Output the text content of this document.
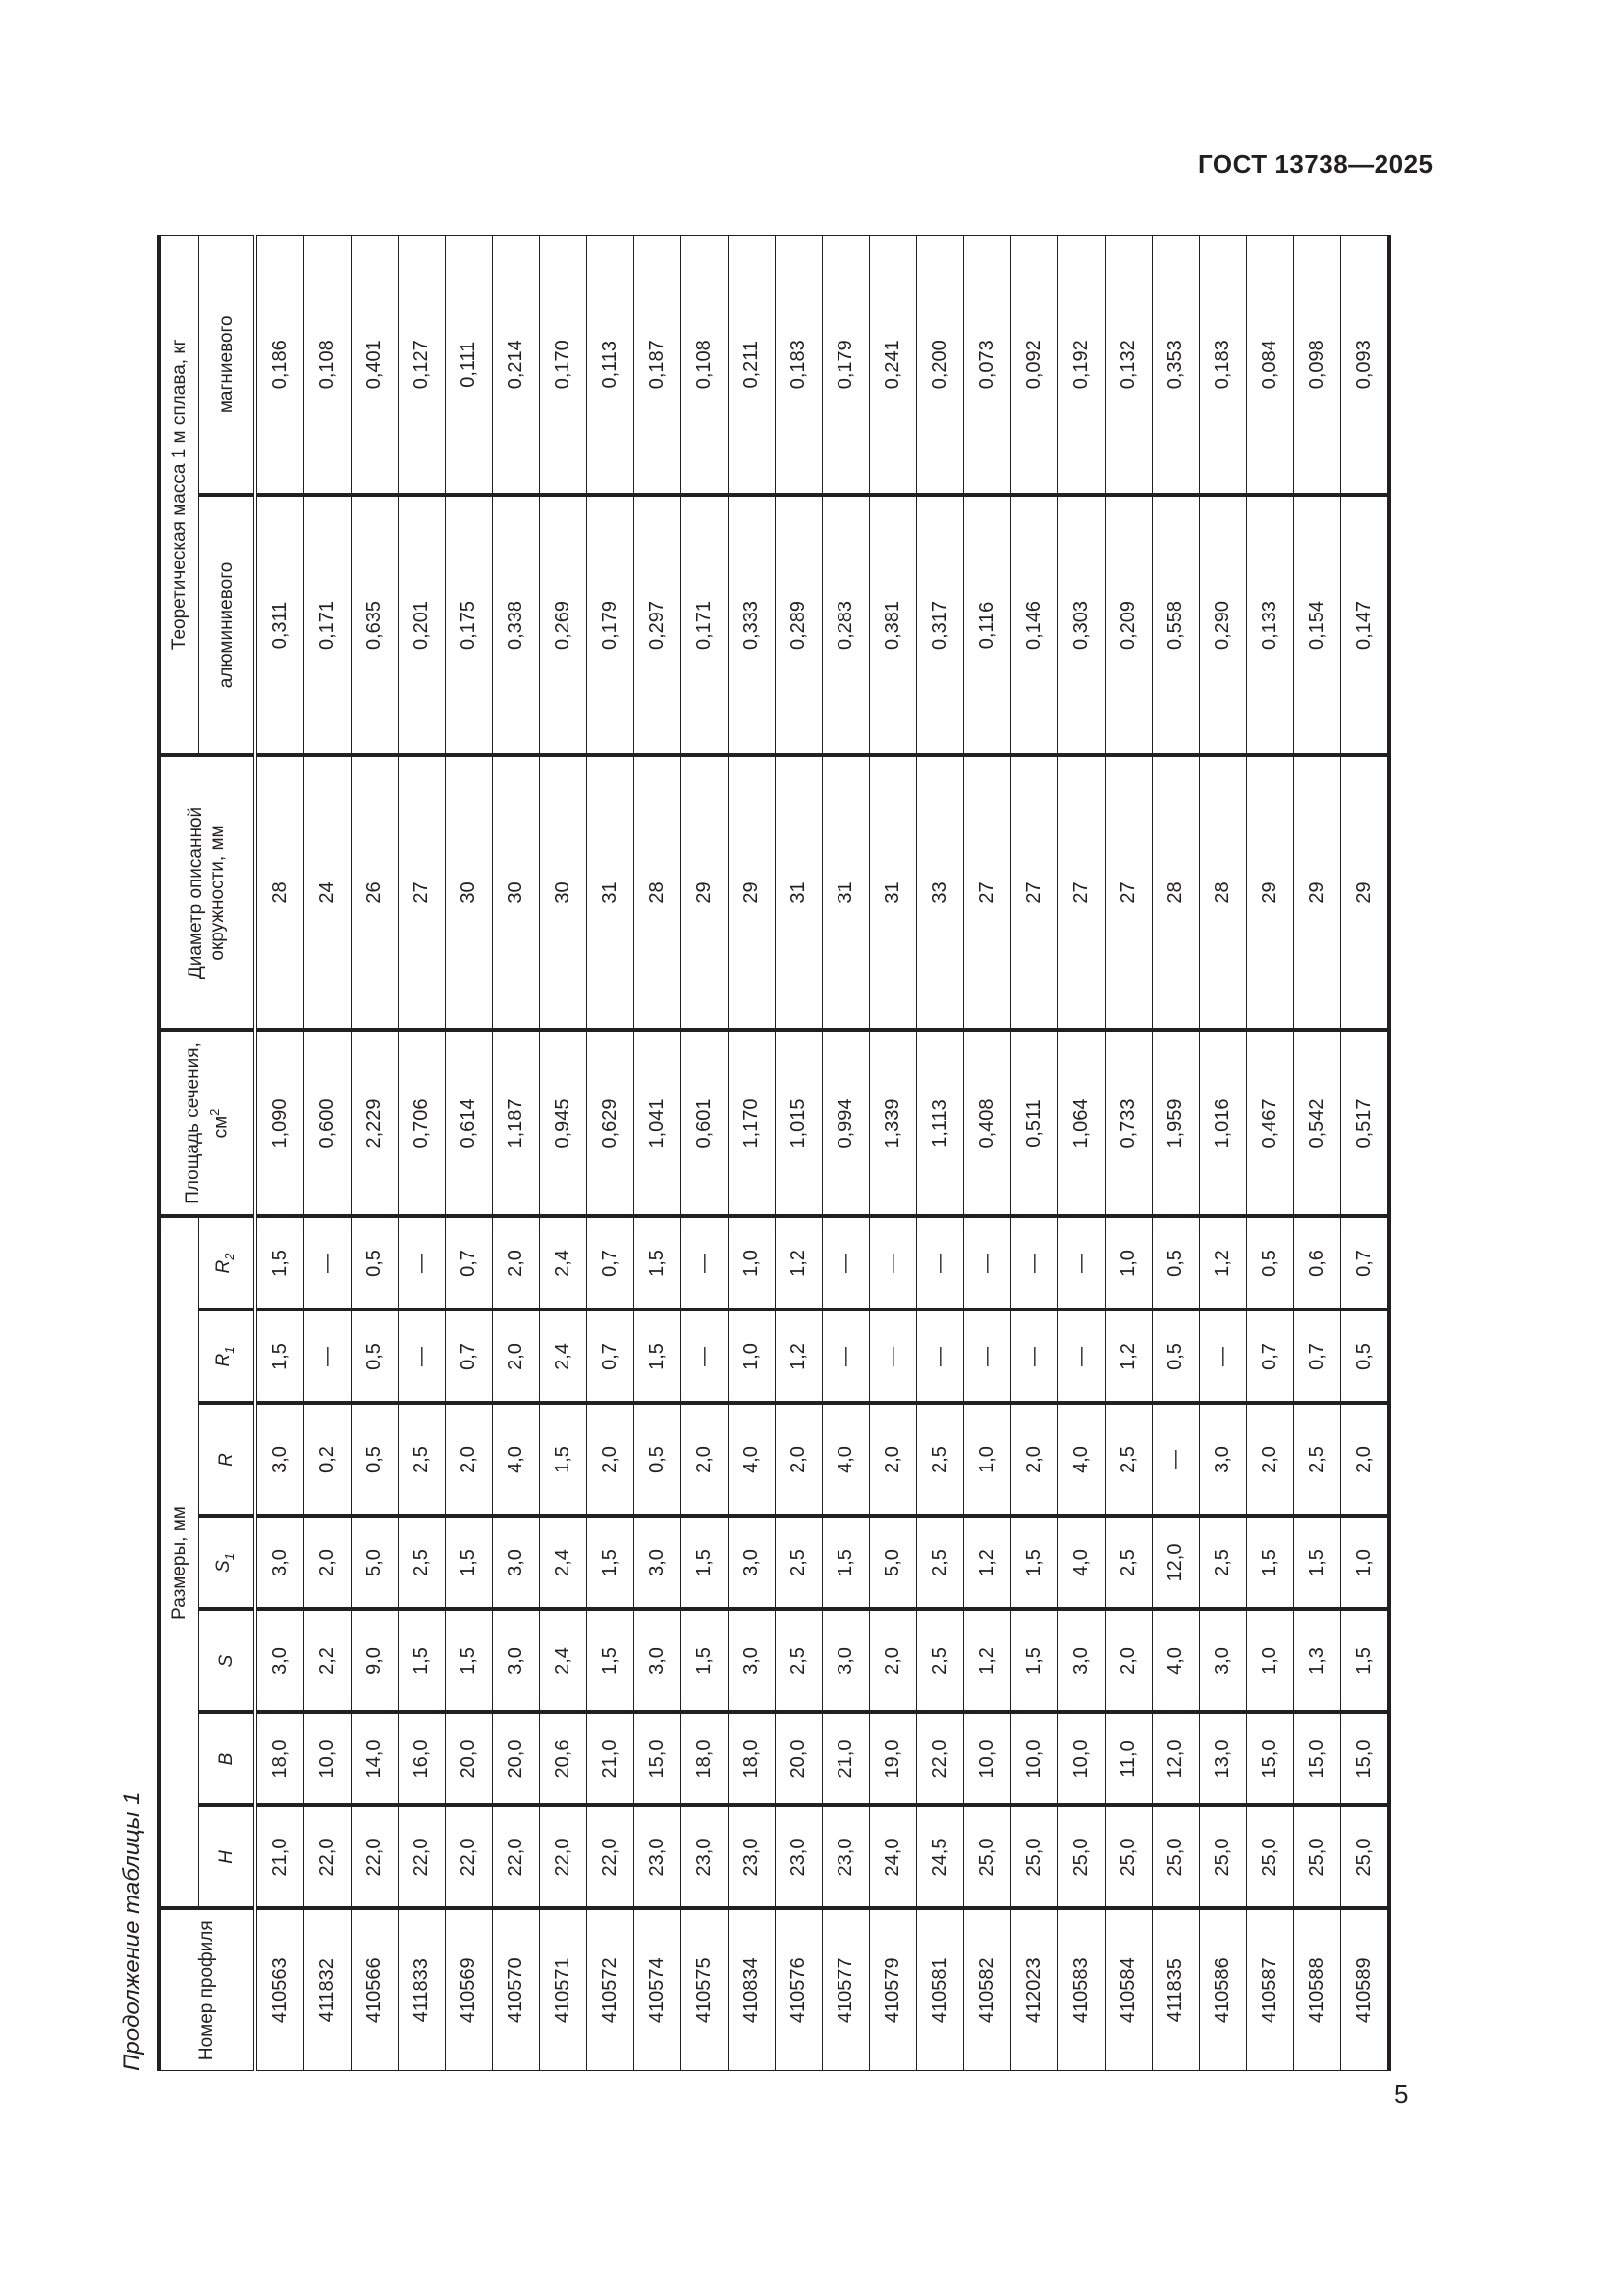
ГОСТ 13738—2025
Продолжение таблицы 1	Номер профиля	Размеры, мм							Площадь сечения, $см^2$	Диаметр описанной окружности, мм	Теоретическая масса 1 м сплава, кг	
	H	B	S	$S_1$	R	$R_1$	$R_2$			алюминиевого	магниевого
410563	21,0	18,0	3,0	3,0	3,0	1,5	1,5	1,090	28	0,311	0,186
411832	22,0	10,0	2,2	2,0	0,2	—	—	0,600	24	0,171	0,108
410566	22,0	14,0	9,0	5,0	0,5	0,5	0,5	2,229	26	0,635	0,401
411833	22,0	16,0	1,5	2,5	2,5	—	—	0,706	27	0,201	0,127
410569	22,0	20,0	1,5	1,5	2,0	0,7	0,7	0,614	30	0,175	0,111
410570	22,0	20,0	3,0	3,0	4,0	2,0	2,0	1,187	30	0,338	0,214
410571	22,0	20,6	2,4	2,4	1,5	2,4	2,4	0,945	30	0,269	0,170
410572	22,0	21,0	1,5	1,5	2,0	0,7	0,7	0,629	31	0,179	0,113
410574	23,0	15,0	3,0	3,0	0,5	1,5	1,5	1,041	28	0,297	0,187
410575	23,0	18,0	1,5	1,5	2,0	—	—	0,601	29	0,171	0,108
410834	23,0	18,0	3,0	3,0	4,0	1,0	1,0	1,170	29	0,333	0,211
410576	23,0	20,0	2,5	2,5	2,0	1,2	1,2	1,015	31	0,289	0,183
410577	23,0	21,0	3,0	1,5	4,0	—	—	0,994	31	0,283	0,179
410579	24,0	19,0	2,0	5,0	2,0	—	—	1,339	31	0,381	0,241
410581	24,5	22,0	2,5	2,5	2,5	—	—	1,113	33	0,317	0,200
410582	25,0	10,0	1,2	1,2	1,0	—	—	0,408	27	0,116	0,073
412023	25,0	10,0	1,5	1,5	2,0	—	—	0,511	27	0,146	0,092
410583	25,0	10,0	3,0	4,0	4,0	—	—	1,064	27	0,303	0,192
410584	25,0	11,0	2,0	2,5	2,5	1,2	1,0	0,733	27	0,209	0,132
411835	25,0	12,0	4,0	12,0	—	0,5	0,5	1,959	28	0,558	0,353
410586	25,0	13,0	3,0	2,5	3,0	—	1,2	1,016	28	0,290	0,183
410587	25,0	15,0	1,0	1,5	2,0	0,7	0,5	0,467	29	0,133	0,084
410588	25,0	15,0	1,3	1,5	2,5	0,7	0,6	0,542	29	0,154	0,098
410589	25,0	15,0	1,5	1,0	2,0	0,5	0,7	0,517	29	0,147	0,093
5
